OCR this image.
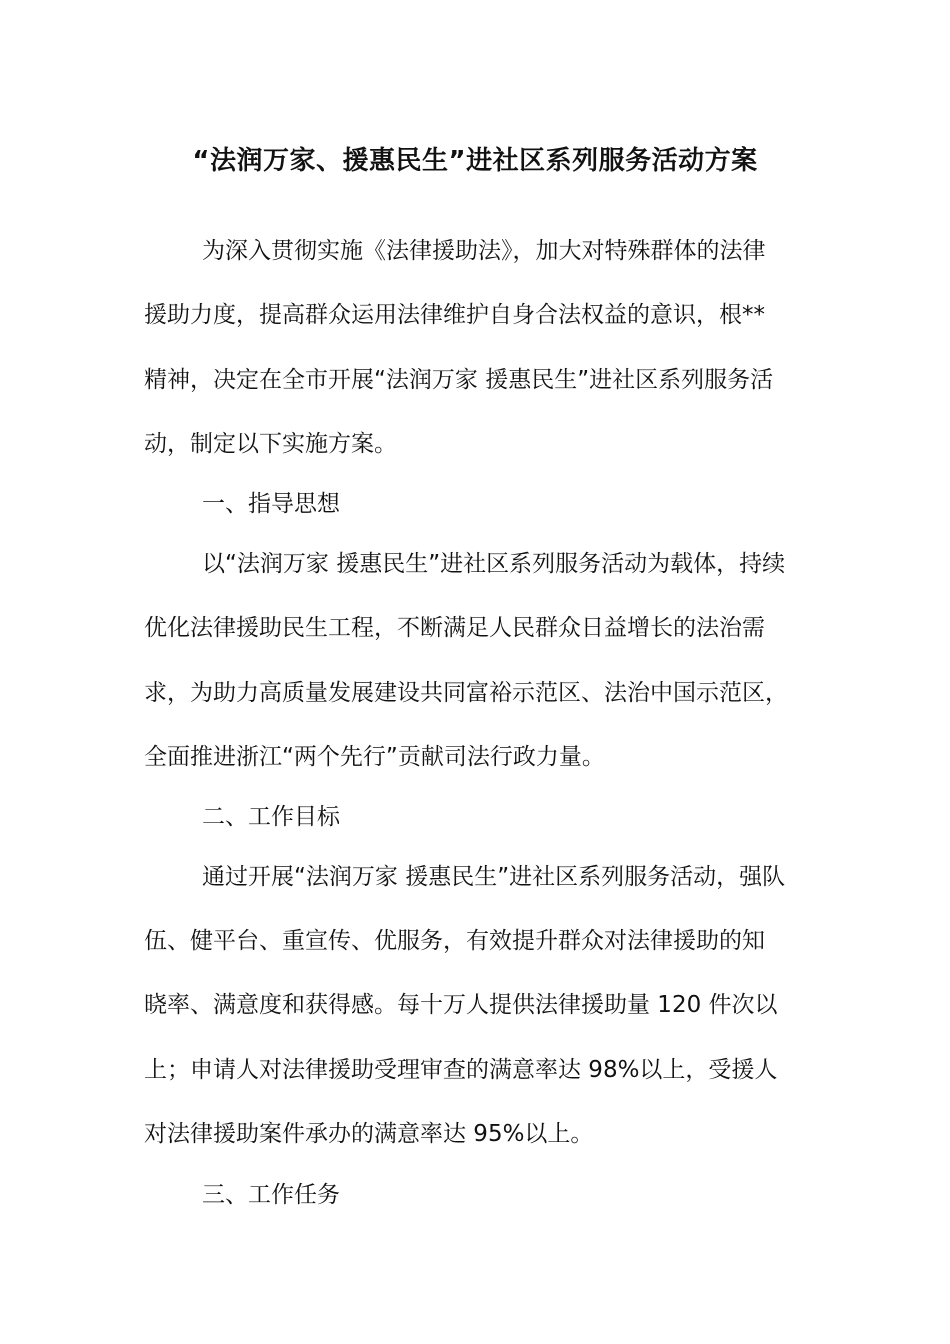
“法润万家、援惠民生”进社区系列服务活动方案
为深入贯彻实施《法律援助法》，加大对特殊群体的法律
援助力度，提高群众运用法律维护自身合法权益的意识，根**
精神，决定在全市开展“法润万家 援惠民生”进社区系列服务活
动，制定以下实施方案。
一、指导思想
以“法润万家 援惠民生”进社区系列服务活动为载体，持续
优化法律援助民生工程，不断满足人民群众日益增长的法治需
求，为助力高质量发展建设共同富裕示范区、法治中国示范区，
全面推进浙江“两个先行”贡献司法行政力量。
二、工作目标
通过开展“法润万家 援惠民生”进社区系列服务活动，强队
伍、健平台、重宣传、优服务，有效提升群众对法律援助的知
晓率、满意度和获得感。每十万人提供法律援助量 120 件次以
上；申请人对法律援助受理审查的满意率达 98%以上，受援人
对法律援助案件承办的满意率达 95%以上。
三、工作任务
